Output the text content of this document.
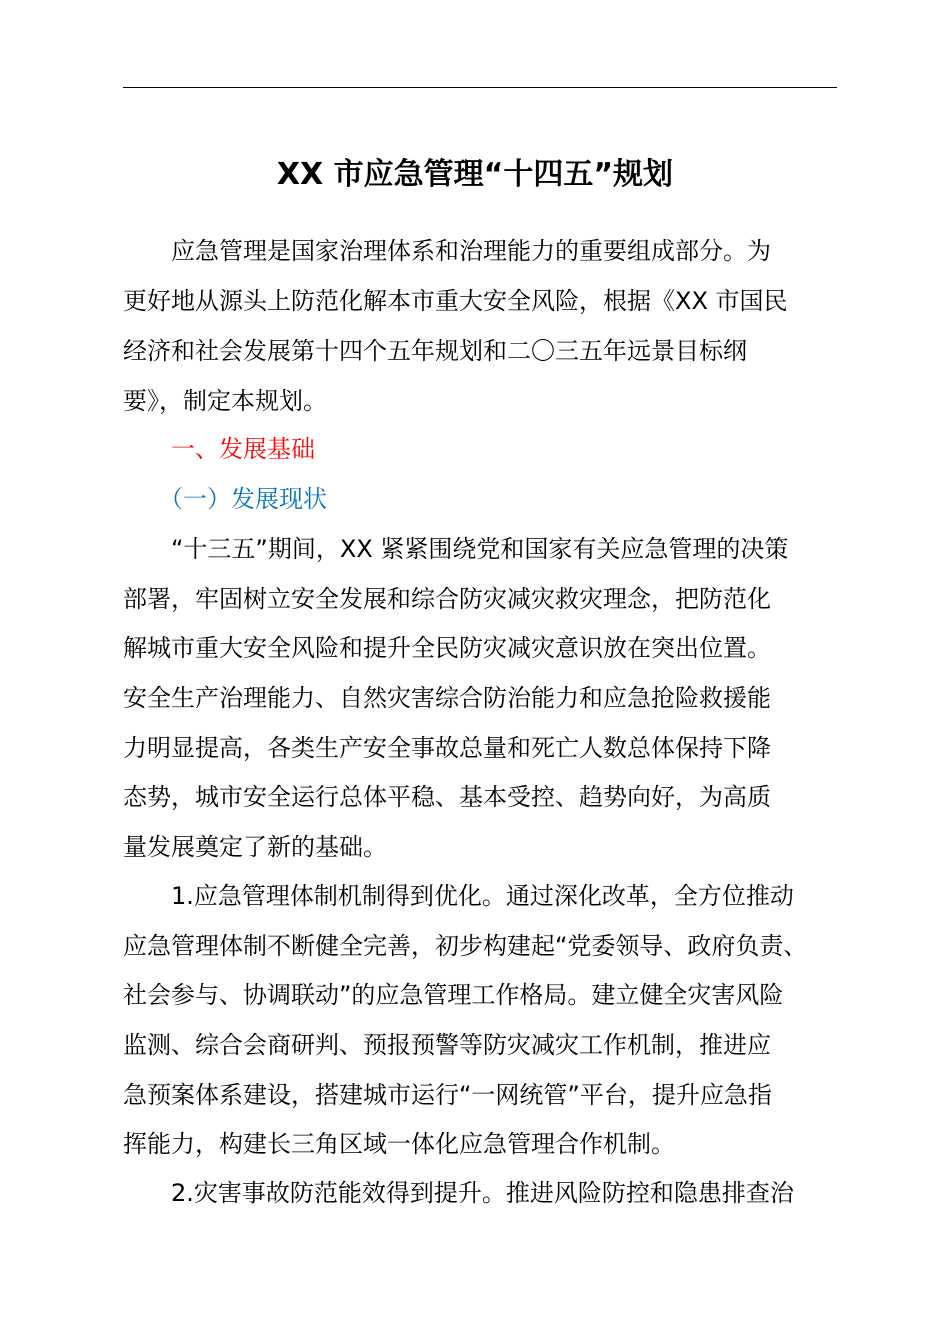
XX 市应急管理“十四五”规划
　　应急管理是国家治理体系和治理能力的重要组成部分。为
更好地从源头上防范化解本市重大安全风险，根据《XX 市国民
经济和社会发展第十四个五年规划和二〇三五年远景目标纲
要》，制定本规划。
　　一、发展基础
　　（一）发展现状
　　“十三五”期间，XX 紧紧围绕党和国家有关应急管理的决策
部署，牢固树立安全发展和综合防灾减灾救灾理念，把防范化
解城市重大安全风险和提升全民防灾减灾意识放在突出位置。
安全生产治理能力、自然灾害综合防治能力和应急抢险救援能
力明显提高，各类生产安全事故总量和死亡人数总体保持下降
态势，城市安全运行总体平稳、基本受控、趋势向好，为高质
量发展奠定了新的基础。
　　1.应急管理体制机制得到优化。通过深化改革，全方位推动
应急管理体制不断健全完善，初步构建起“党委领导、政府负责、
社会参与、协调联动”的应急管理工作格局。建立健全灾害风险
监测、综合会商研判、预报预警等防灾减灾工作机制，推进应
急预案体系建设，搭建城市运行“一网统管”平台，提升应急指
挥能力，构建长三角区域一体化应急管理合作机制。
　　2.灾害事故防范能效得到提升。推进风险防控和隐患排查治
